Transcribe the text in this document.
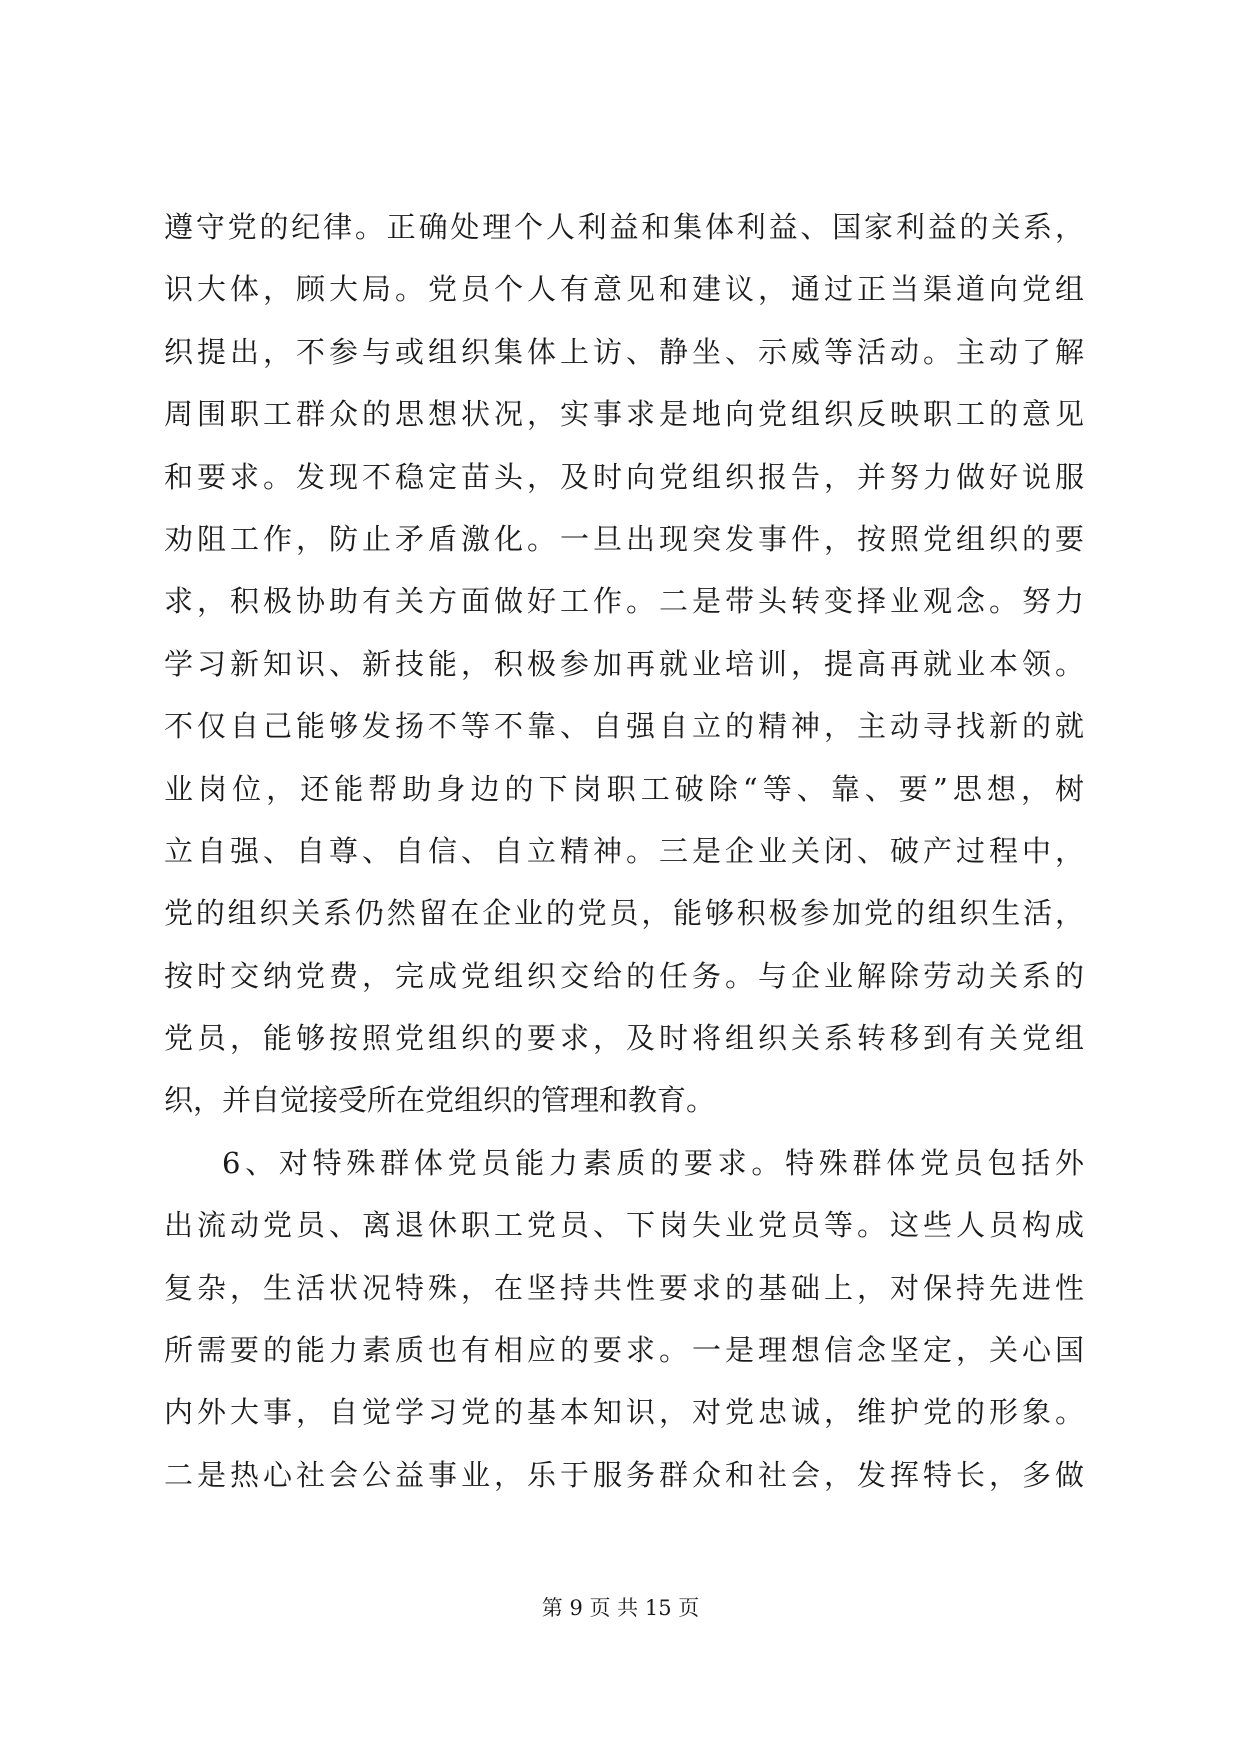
遵守党的纪律。正确处理个人利益和集体利益、国家利益的关系，
识大体，顾大局。党员个人有意见和建议，通过正当渠道向党组
织提出，不参与或组织集体上访、静坐、示威等活动。主动了解
周围职工群众的思想状况，实事求是地向党组织反映职工的意见
和要求。发现不稳定苗头，及时向党组织报告，并努力做好说服
劝阻工作，防止矛盾激化。一旦出现突发事件，按照党组织的要
求，积极协助有关方面做好工作。二是带头转变择业观念。努力
学习新知识、新技能，积极参加再就业培训，提高再就业本领。
不仅自己能够发扬不等不靠、自强自立的精神，主动寻找新的就
业岗位，还能帮助身边的下岗职工破除“等、靠、要”思想，树
立自强、自尊、自信、自立精神。三是企业关闭、破产过程中，
党的组织关系仍然留在企业的党员，能够积极参加党的组织生活，
按时交纳党费，完成党组织交给的任务。与企业解除劳动关系的
党员，能够按照党组织的要求，及时将组织关系转移到有关党组
织，并自觉接受所在党组织的管理和教育。
6、对特殊群体党员能力素质的要求。特殊群体党员包括外
出流动党员、离退休职工党员、下岗失业党员等。这些人员构成
复杂，生活状况特殊，在坚持共性要求的基础上，对保持先进性
所需要的能力素质也有相应的要求。一是理想信念坚定，关心国
内外大事，自觉学习党的基本知识，对党忠诚，维护党的形象。
二是热心社会公益事业，乐于服务群众和社会，发挥特长，多做
第 9 页 共 15 页
